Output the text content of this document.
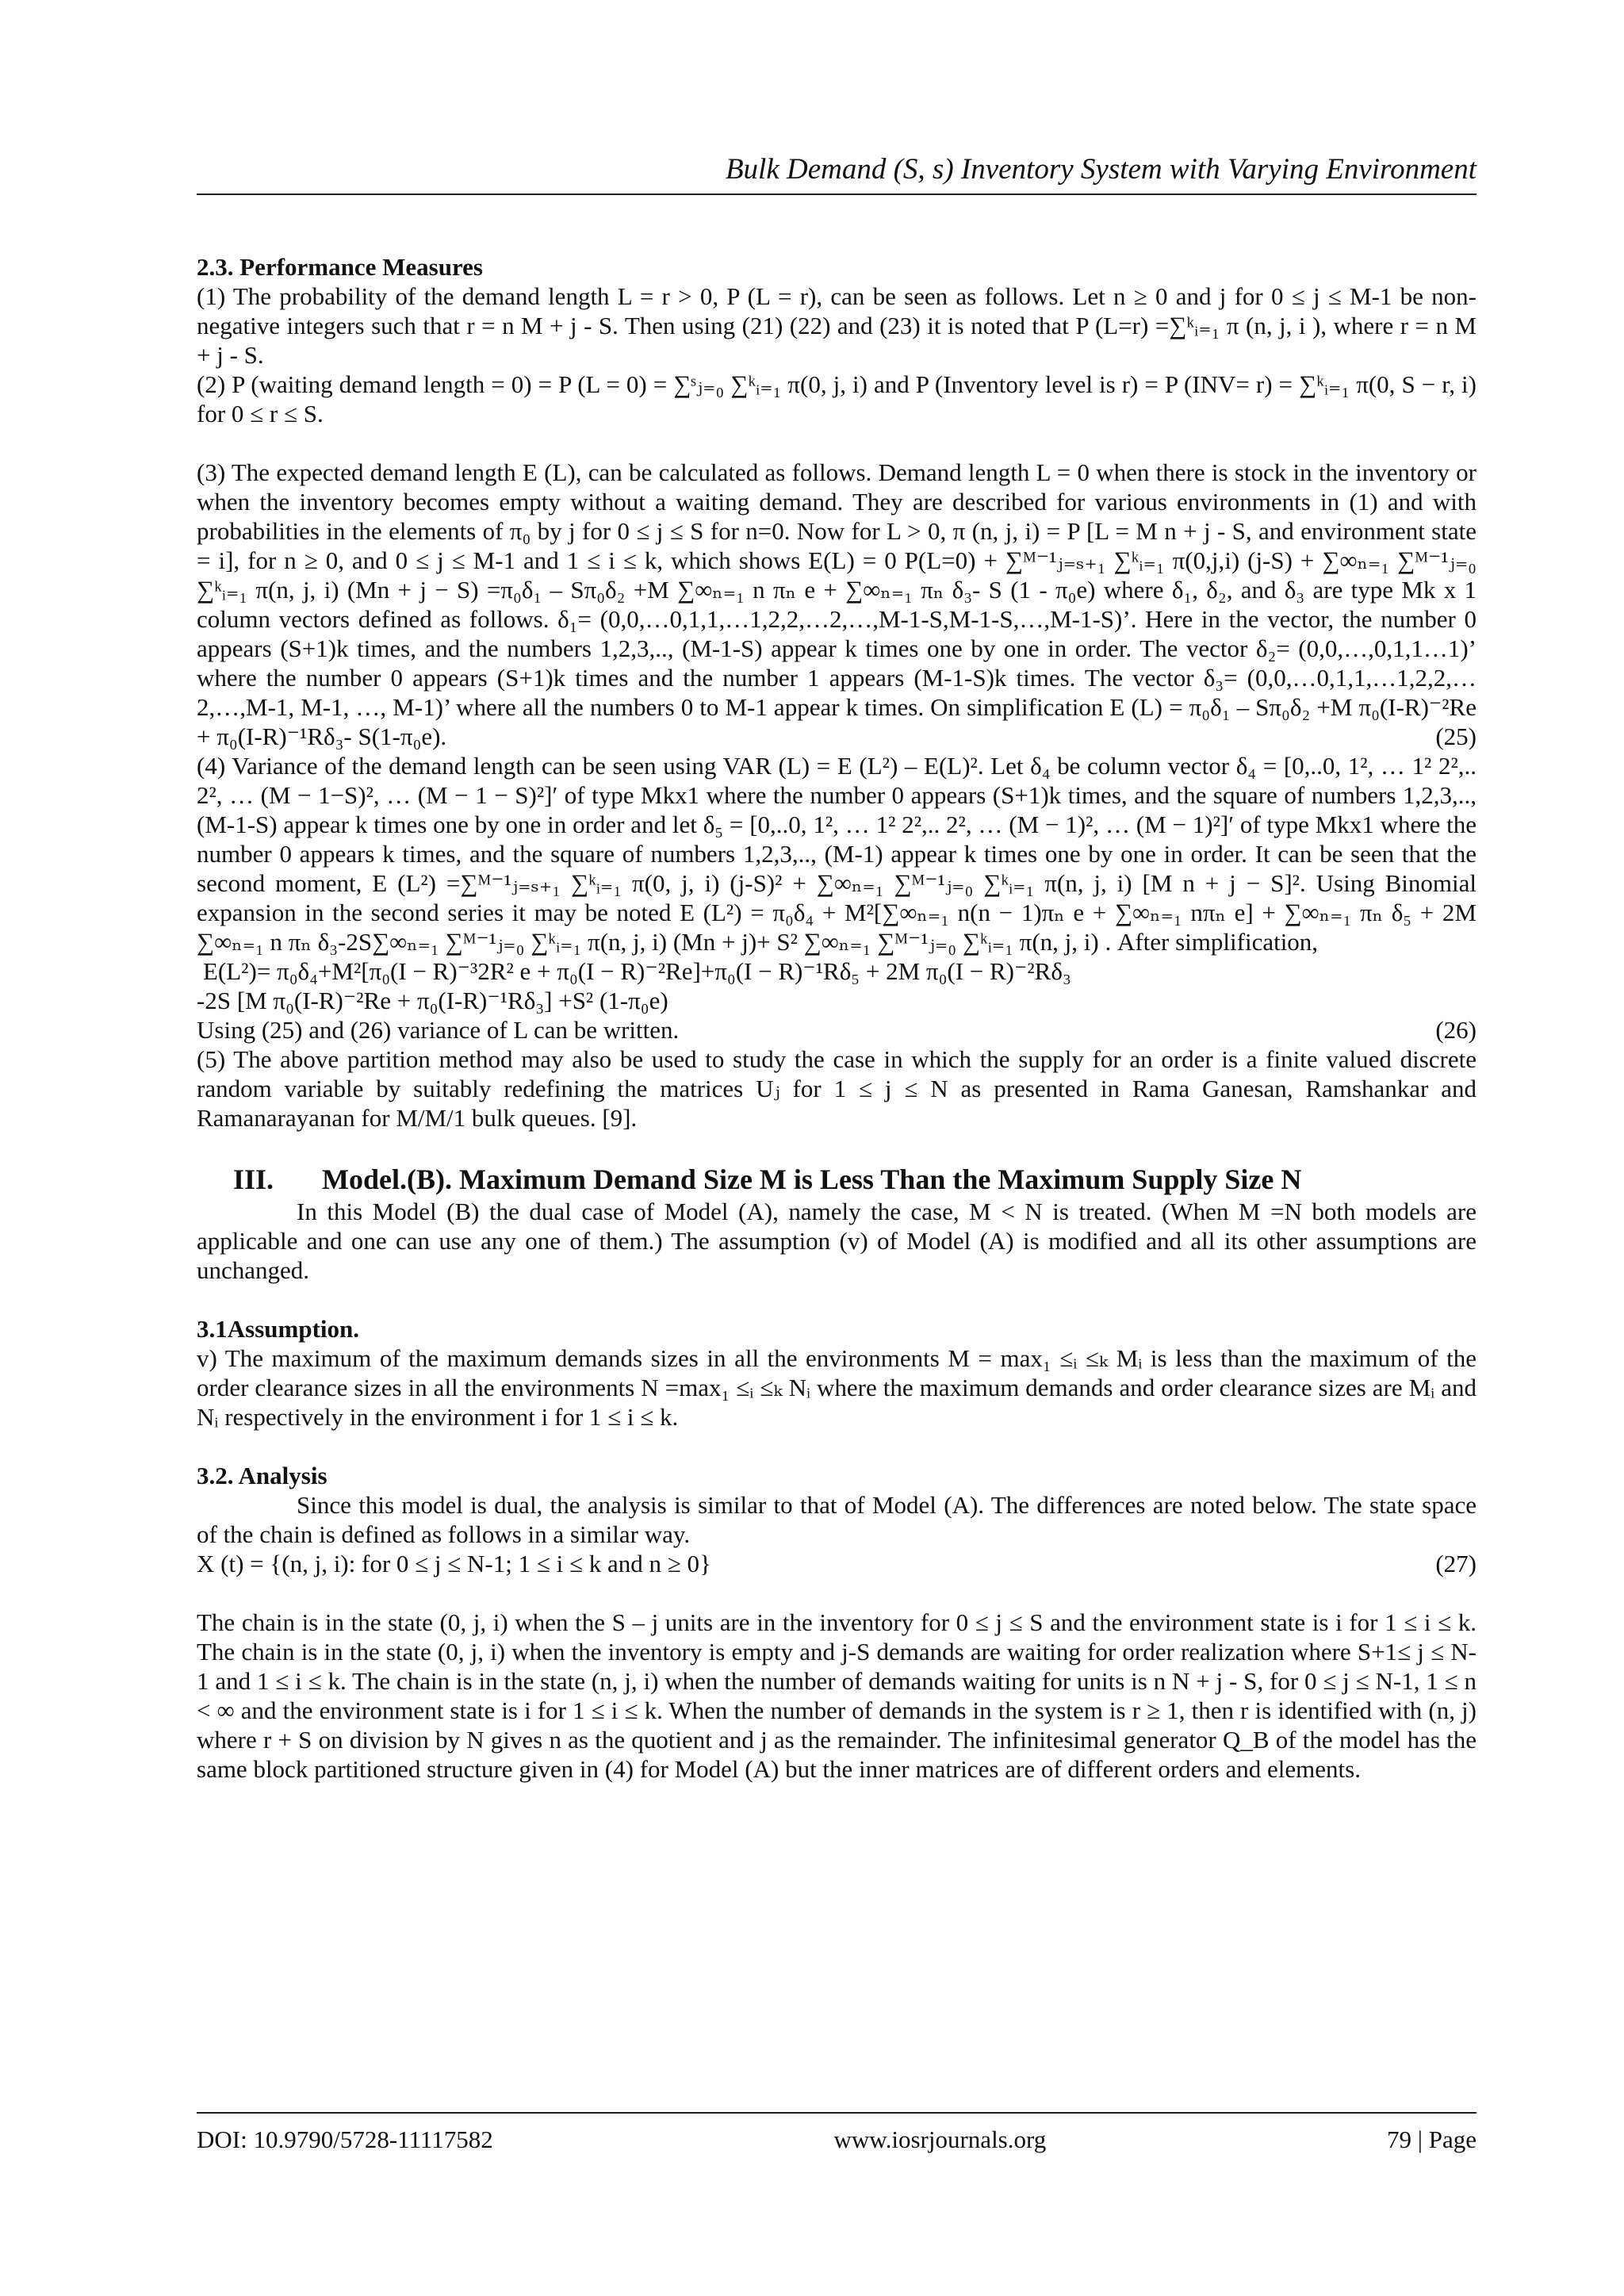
Bulk Demand (S, s) Inventory System with Varying Environment

2.3. Performance Measures

(1) The probability of the demand length L = r > 0, P (L = r), can be seen as follows. Let n ≥ 0 and j for 0 ≤ j ≤ M-1 be non-negative integers such that r = n M + j - S. Then using (21) (22) and (23) it is noted that P (L=r) =∑ᵏᵢ₌₁ π (n, j, i ), where r = n M + j - S.

(2) P (waiting demand length = 0) = P (L = 0) = ∑ˢⱼ₌₀ ∑ᵏᵢ₌₁ π(0, j, i) and P (Inventory level is r) = P (INV= r) = ∑ᵏᵢ₌₁ π(0, S − r, i) for 0 ≤ r ≤ S.

(3) The expected demand length E (L), can be calculated as follows. Demand length L = 0 when there is stock in the inventory or when the inventory becomes empty without a waiting demand. They are described for various environments in (1) and with probabilities in the elements of π₀ by j for 0 ≤ j ≤ S for n=0. Now for L > 0, π (n, j, i) = P [L = M n + j - S, and environment state = i], for n ≥ 0, and 0 ≤ j ≤ M-1 and 1 ≤ i ≤ k, which shows E(L) = 0 P(L=0) + ∑ᴹ⁻¹ⱼ₌ₛ₊₁ ∑ᵏᵢ₌₁ π(0,j,i) (j-S) + ∑∞ₙ₌₁ ∑ᴹ⁻¹ⱼ₌₀ ∑ᵏᵢ₌₁ π(n, j, i) (Mn + j − S) =π₀δ₁ – Sπ₀δ₂ +M ∑∞ₙ₌₁ n πₙ e + ∑∞ₙ₌₁ πₙ δ₃- S (1 - π₀e) where δ₁, δ₂, and δ₃ are type Mk x 1 column vectors defined as follows. δ₁= (0,0,…0,1,1,…1,2,2,…2,…,M-1-S,M-1-S,…,M-1-S)’. Here in the vector, the number 0 appears (S+1)k times, and the numbers 1,2,3,.., (M-1-S) appear k times one by one in order. The vector δ₂= (0,0,…,0,1,1…1)’ where the number 0 appears (S+1)k times and the number 1 appears (M-1-S)k times. The vector δ₃= (0,0,…0,1,1,…1,2,2,…2,…,M-1, M-1, …, M-1)’ where all the numbers 0 to M-1 appear k times. On simplification E (L) = π₀δ₁ – Sπ₀δ₂ +M π₀(I-R)⁻²Re + π₀(I-R)⁻¹Rδ₃- S(1-π₀e).	(25)

(4) Variance of the demand length can be seen using VAR (L) = E (L²) – E(L)². Let δ₄ be column vector δ₄ = [0,..0, 1², … 1² 2²,.. 2², … (M − 1−S)², … (M − 1 − S)²]′ of type Mkx1 where the number 0 appears (S+1)k times, and the square of numbers 1,2,3,.., (M-1-S) appear k times one by one in order and let δ₅ = [0,..0, 1², … 1² 2²,.. 2², … (M − 1)², … (M − 1)²]′ of type Mkx1 where the number 0 appears k times, and the square of numbers 1,2,3,.., (M-1) appear k times one by one in order. It can be seen that the second moment, E (L²) =∑ᴹ⁻¹ⱼ₌ₛ₊₁ ∑ᵏᵢ₌₁ π(0, j, i) (j-S)² + ∑∞ₙ₌₁ ∑ᴹ⁻¹ⱼ₌₀ ∑ᵏᵢ₌₁ π(n, j, i) [M n + j − S]². Using Binomial expansion in the second series it may be noted E (L²) = π₀δ₄ + M²[∑∞ₙ₌₁ n(n − 1)πₙ e + ∑∞ₙ₌₁ nπₙ e] + ∑∞ₙ₌₁ πₙ δ₅ + 2M ∑∞ₙ₌₁ n πₙ δ₃-2S∑∞ₙ₌₁ ∑ᴹ⁻¹ⱼ₌₀ ∑ᵏᵢ₌₁ π(n, j, i) (Mn + j)+ S² ∑∞ₙ₌₁ ∑ᴹ⁻¹ⱼ₌₀ ∑ᵏᵢ₌₁ π(n, j, i) . After simplification,

E(L²)= π₀δ₄+M²[π₀(I − R)⁻³2R² e + π₀(I − R)⁻²Re]+π₀(I − R)⁻¹Rδ₅ + 2M π₀(I − R)⁻²Rδ₃

-2S [M π₀(I-R)⁻²Re + π₀(I-R)⁻¹Rδ₃] +S² (1-π₀e)

Using (25) and (26) variance of L can be written.	(26)

(5) The above partition method may also be used to study the case in which the supply for an order is a finite valued discrete random variable by suitably redefining the matrices Uⱼ for 1 ≤ j ≤ N as presented in Rama Ganesan, Ramshankar and Ramanarayanan for M/M/1 bulk queues. [9].

III. Model.(B). Maximum Demand Size M is Less Than the Maximum Supply Size N

In this Model (B) the dual case of Model (A), namely the case, M < N is treated. (When M =N both models are applicable and one can use any one of them.) The assumption (v) of Model (A) is modified and all its other assumptions are unchanged.

3.1Assumption.

v) The maximum of the maximum demands sizes in all the environments M = max₁ ≤ᵢ ≤ₖ Mᵢ is less than the maximum of the order clearance sizes in all the environments N =max₁ ≤ᵢ ≤ₖ Nᵢ where the maximum demands and order clearance sizes are Mᵢ and Nᵢ respectively in the environment i for 1 ≤ i ≤ k.

3.2. Analysis

Since this model is dual, the analysis is similar to that of Model (A). The differences are noted below. The state space of the chain is defined as follows in a similar way.

X (t) = {(n, j, i): for 0 ≤ j ≤ N-1; 1 ≤ i ≤ k and n ≥ 0}	(27)

The chain is in the state (0, j, i) when the S – j units are in the inventory for 0 ≤ j ≤ S and the environment state is i for 1 ≤ i ≤ k. The chain is in the state (0, j, i) when the inventory is empty and j-S demands are waiting for order realization where S+1≤ j ≤ N-1 and 1 ≤ i ≤ k. The chain is in the state (n, j, i) when the number of demands waiting for units is n N + j - S, for 0 ≤ j ≤ N-1, 1 ≤ n < ∞ and the environment state is i for 1 ≤ i ≤ k. When the number of demands in the system is r ≥ 1, then r is identified with (n, j) where r + S on division by N gives n as the quotient and j as the remainder. The infinitesimal generator Q_B of the model has the same block partitioned structure given in (4) for Model (A) but the inner matrices are of different orders and elements.

DOI: 10.9790/5728-11117582	www.iosrjournals.org	79 | Page
